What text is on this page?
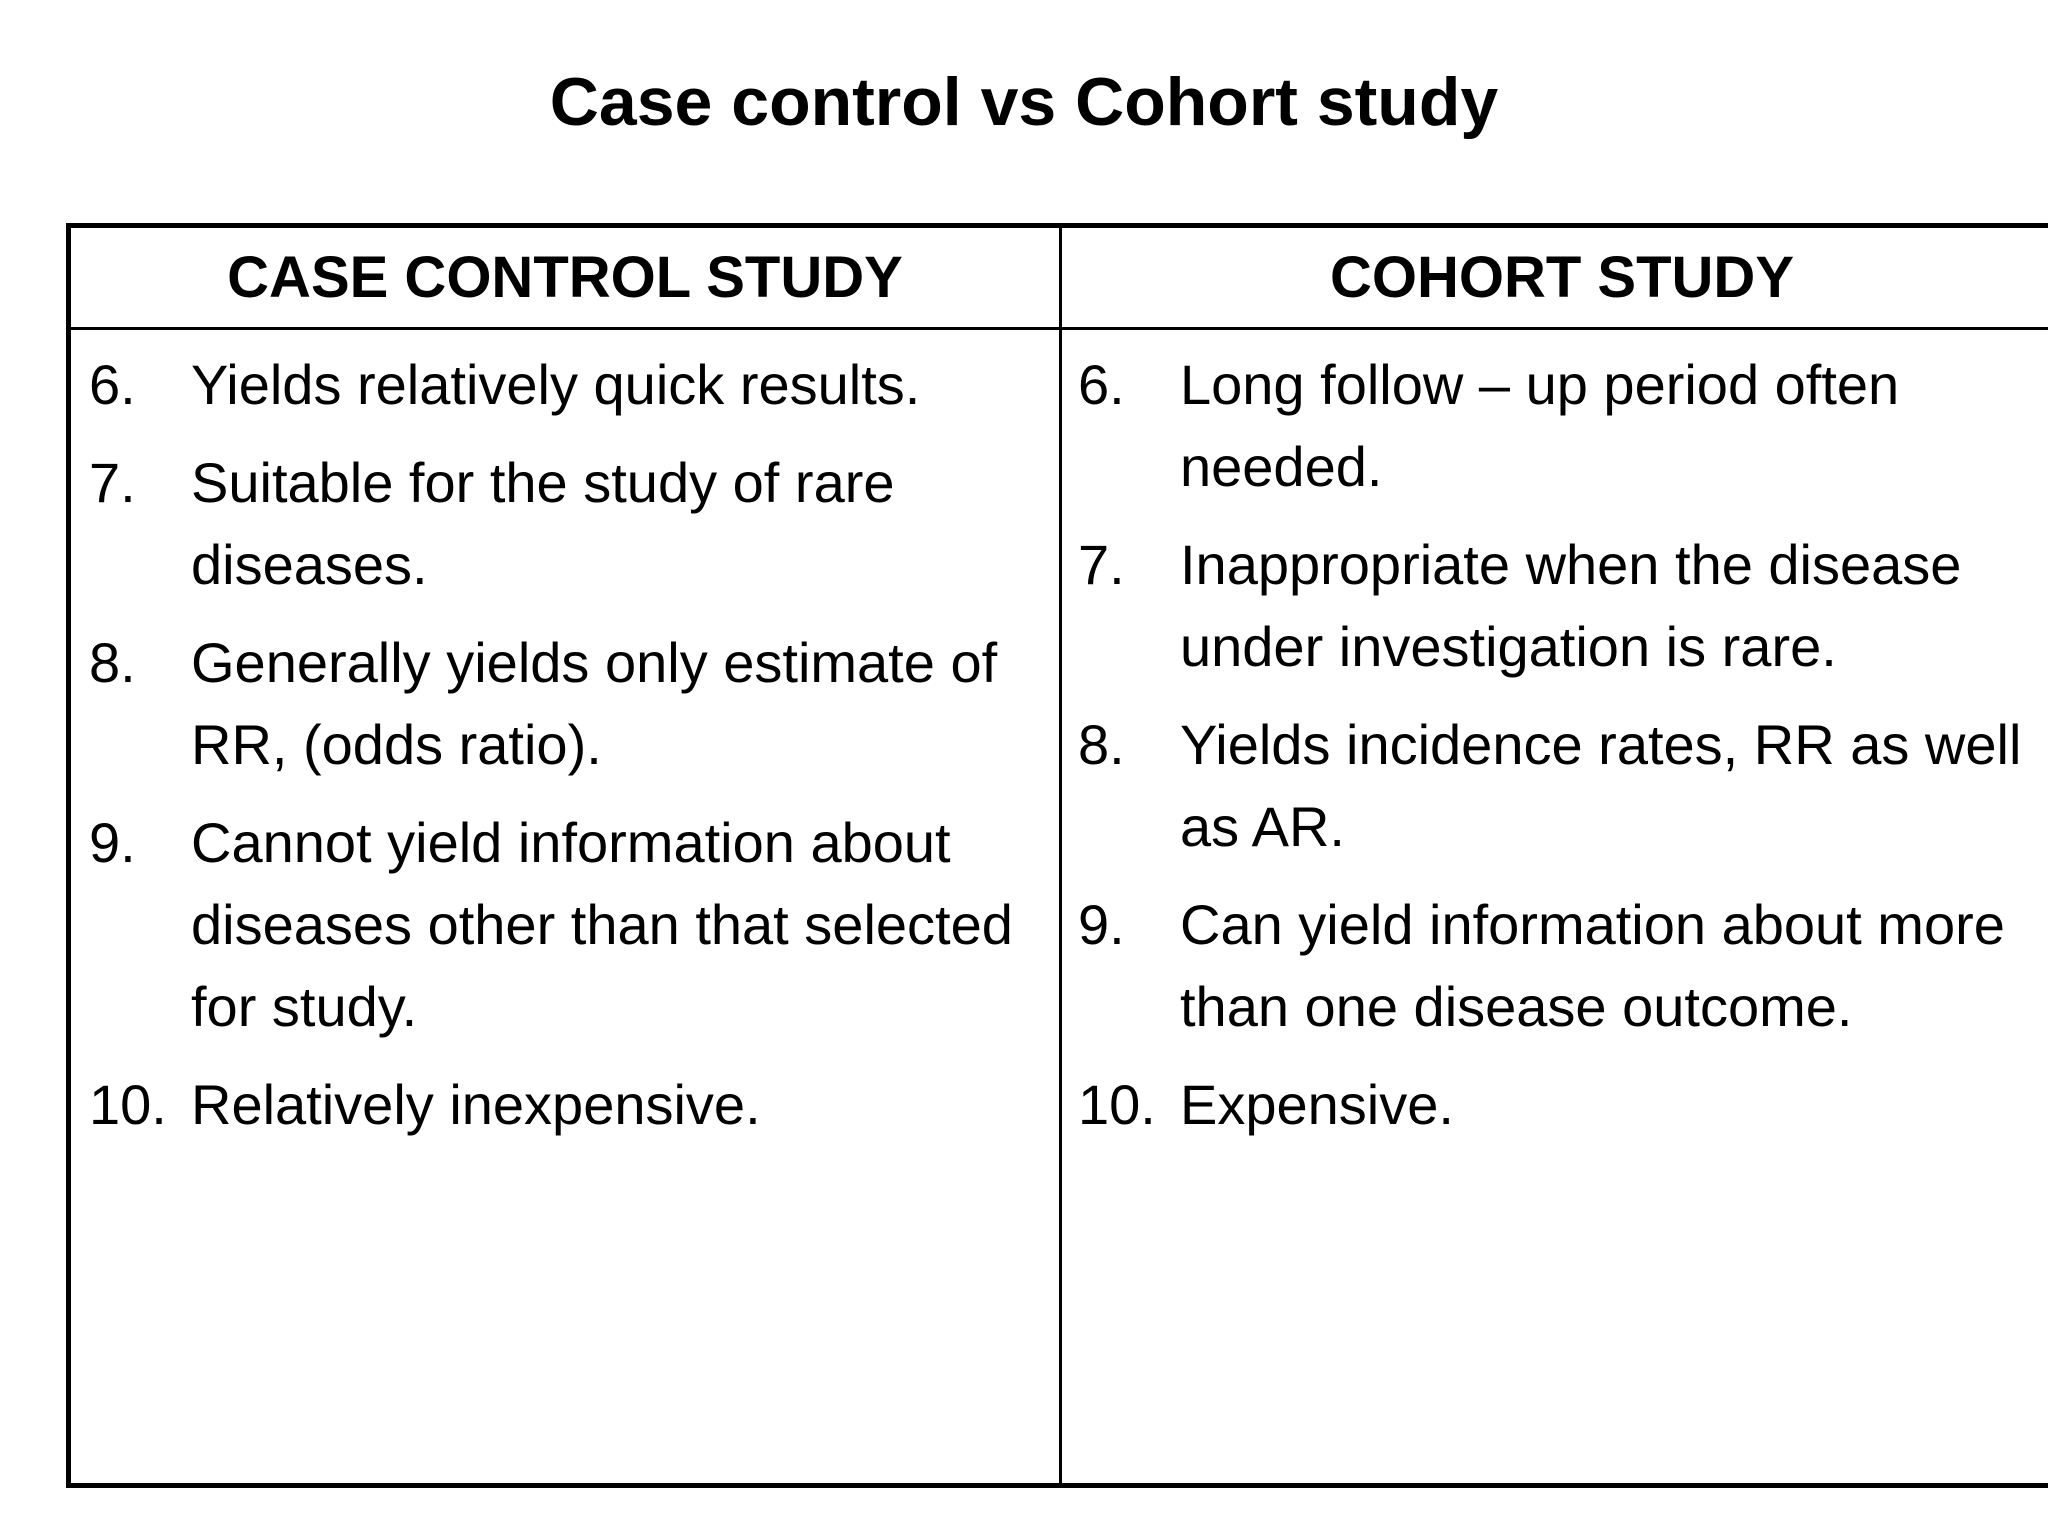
Case control vs Cohort study
CASE CONTROL STUDY	COHORT STUDY
6. Yields relatively quick results.
7. Suitable for the study of rare diseases.
8. Generally yields only estimate of RR, (odds ratio).
9. Cannot yield information about diseases other than that selected for study.
10. Relatively inexpensive.
6. Long follow – up period often needed.
7. Inappropriate when the disease under investigation is rare.
8. Yields incidence rates, RR as well as AR.
9. Can yield information about more than one disease outcome.
10. Expensive.
